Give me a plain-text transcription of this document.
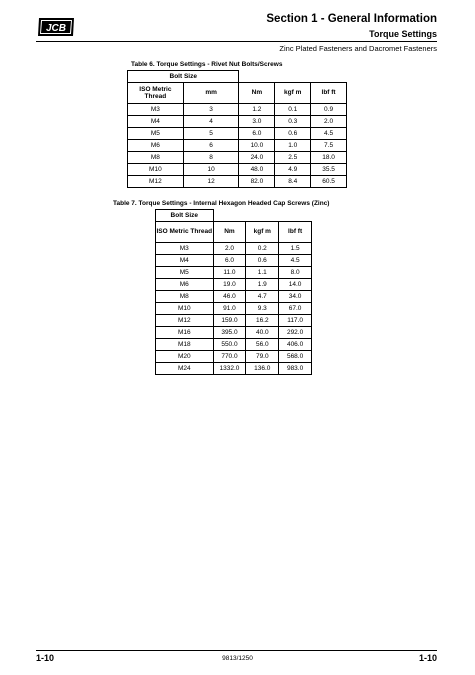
JCB
Section 1 - General Information
Torque Settings
Zinc Plated Fasteners and Dacromet Fasteners
Table 6. Torque Settings - Rivet Nut Bolts/Screws
Bolt Size				
ISO Metric Thread	mm	Nm	kgf m	lbf ft
M3	3	1.2	0.1	0.9
M4	4	3.0	0.3	2.0
M5	5	6.0	0.6	4.5
M6	6	10.0	1.0	7.5
M8	8	24.0	2.5	18.0
M10	10	48.0	4.9	35.5
M12	12	82.0	8.4	60.5
Table 7. Torque Settings - Internal Hexagon Headed Cap Screws (Zinc)
Bolt Size			
ISO Metric Thread	Nm	kgf m	lbf ft
M3	2.0	0.2	1.5
M4	6.0	0.6	4.5
M5	11.0	1.1	8.0
M6	19.0	1.9	14.0
M8	46.0	4.7	34.0
M10	91.0	9.3	67.0
M12	159.0	16.2	117.0
M16	395.0	40.0	292.0
M18	550.0	56.0	406.0
M20	770.0	79.0	568.0
M24	1332.0	136.0	983.0
1-10	9813/1250	1-10
